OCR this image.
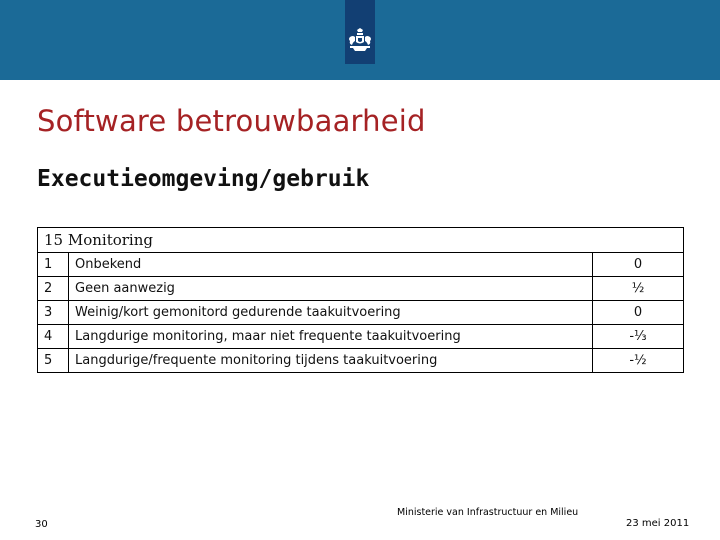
Software betrouwbaarheid
Executieomgeving/gebruik
15 Monitoring		
1	Onbekend	0
2	Geen aanwezig	½
3	Weinig/kort gemonitord gedurende taakuitvoering	0
4	Langdurige monitoring, maar niet frequente taakuitvoering	-⅓
5	Langdurige/frequente monitoring tijdens taakuitvoering	-½
Ministerie van Infrastructuur en Milieu
30	23 mei 2011
